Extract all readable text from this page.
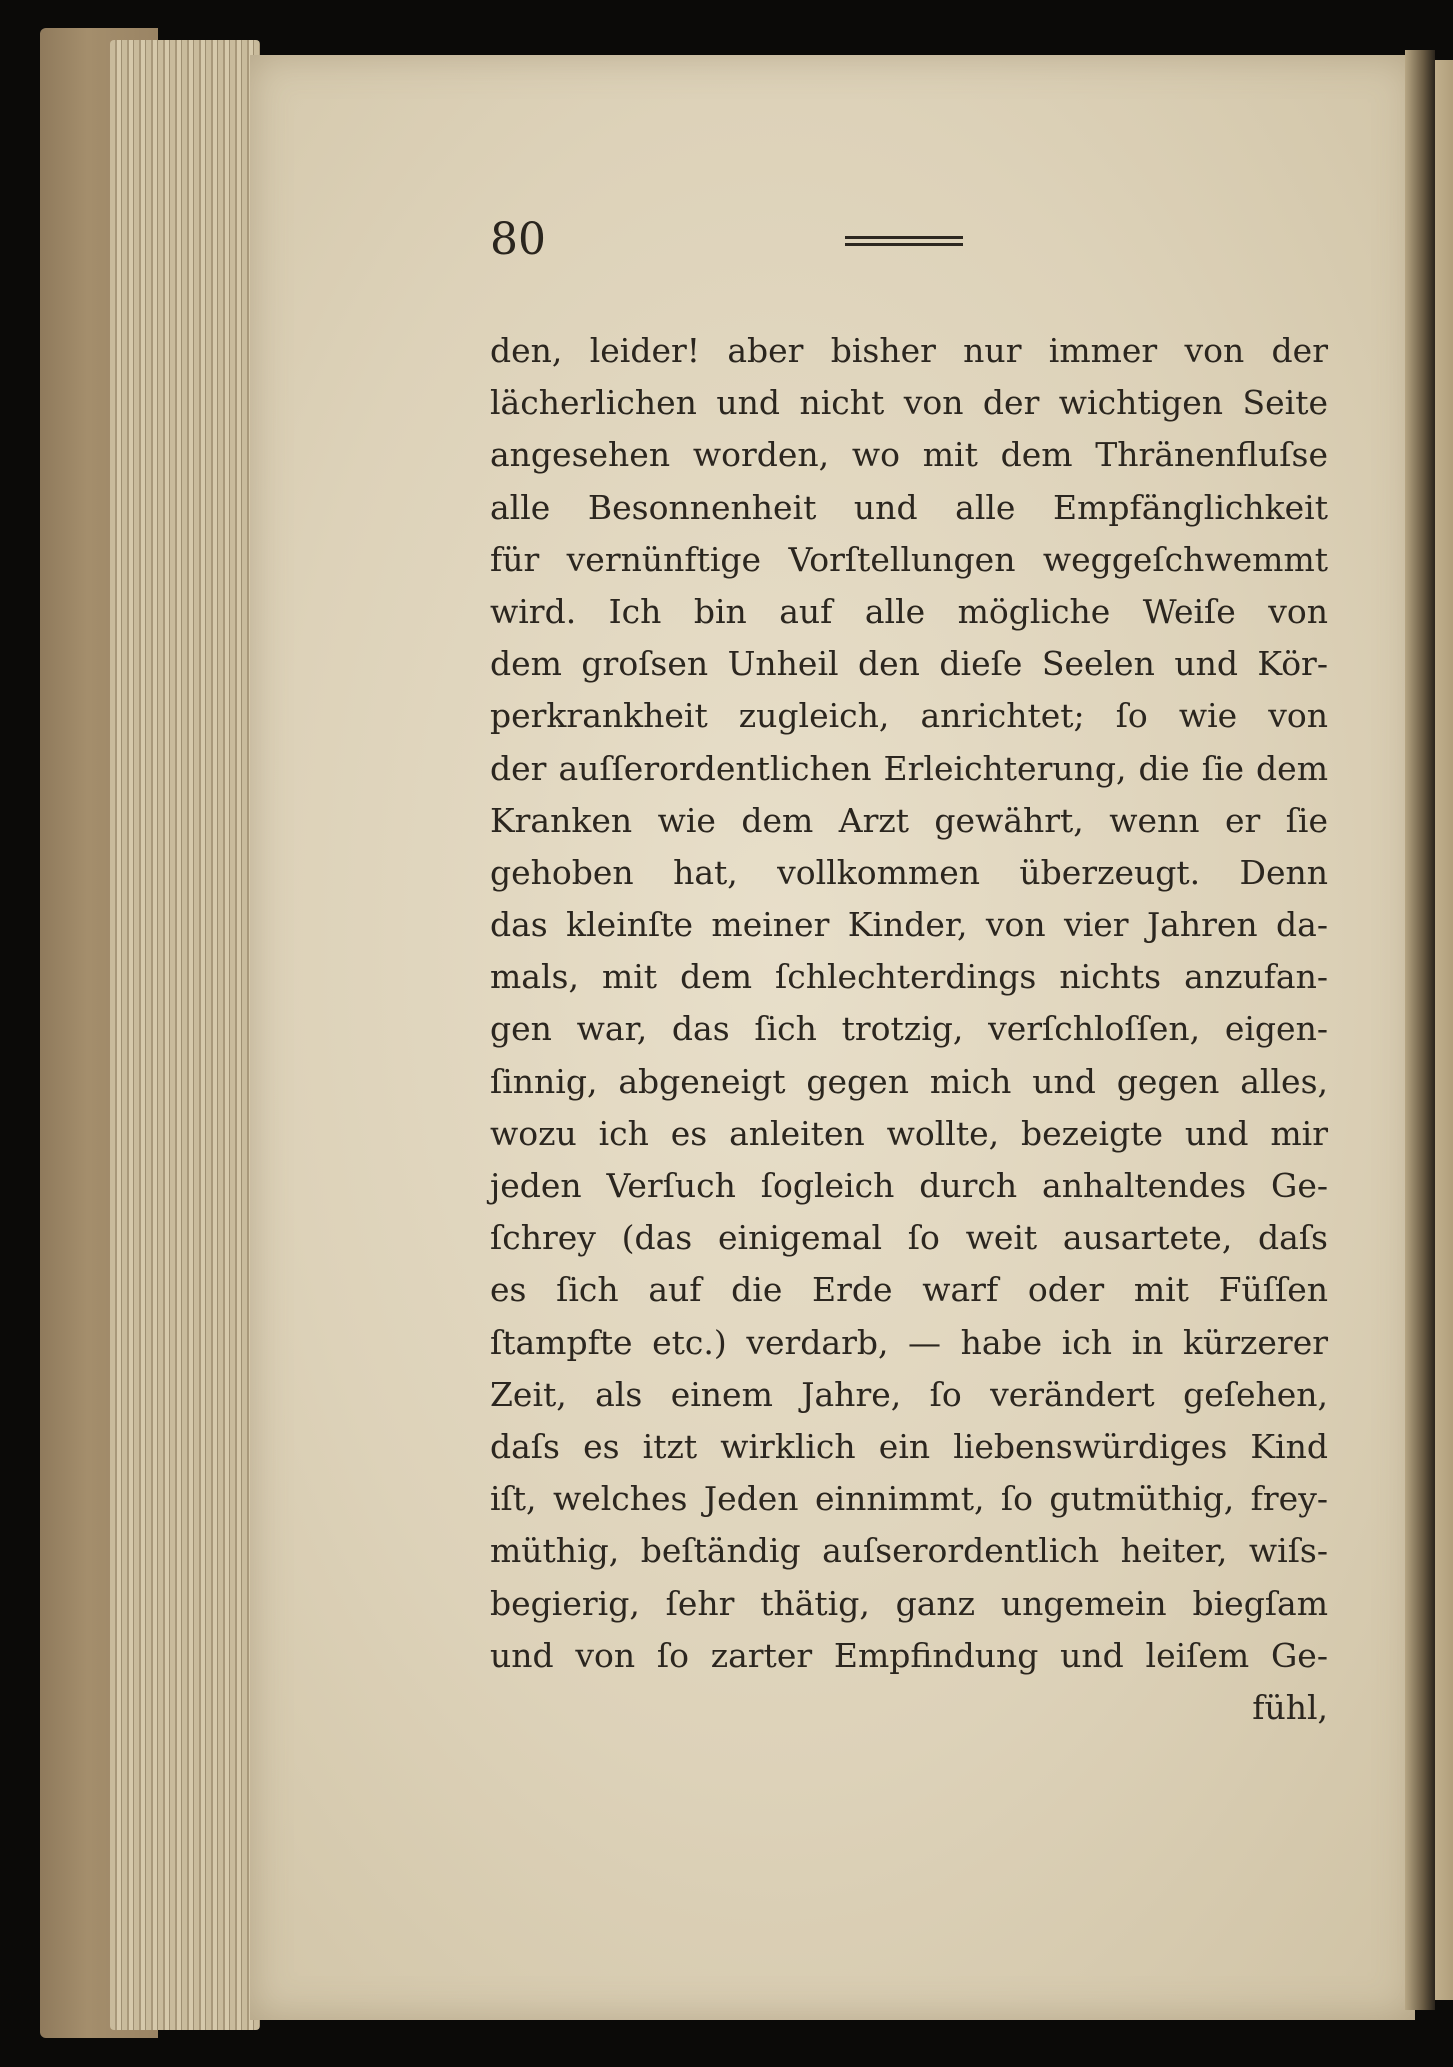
80
den, leider! aber bisher nur immer von der
lächerlichen und nicht von der wichtigen Seite
angesehen worden, wo mit dem Thränenfluſse
alle Besonnenheit und alle Empfänglichkeit
für vernünftige Vorſtellungen weggeſchwemmt
wird. Ich bin auf alle mögliche Weiſe von
dem groſsen Unheil den dieſe Seelen und Kör-
perkrankheit zugleich, anrichtet; ſo wie von
der auſſerordentlichen Erleichterung, die ſie dem
Kranken wie dem Arzt gewährt, wenn er ſie
gehoben hat, vollkommen überzeugt. Denn
das kleinſte meiner Kinder, von vier Jahren da-
mals, mit dem ſchlechterdings nichts anzufan-
gen war, das ſich trotzig, verſchloſſen, eigen-
ſinnig, abgeneigt gegen mich und gegen alles,
wozu ich es anleiten wollte, bezeigte und mir
jeden Verſuch ſogleich durch anhaltendes Ge-
ſchrey (das einigemal ſo weit ausartete, daſs
es ſich auf die Erde warf oder mit Füſſen
ſtampfte etc.) verdarb, — habe ich in kürzerer
Zeit, als einem Jahre, ſo verändert geſehen,
daſs es itzt wirklich ein liebenswürdiges Kind
iſt, welches Jeden einnimmt, ſo gutmüthig, frey-
müthig, beſtändig auſserordentlich heiter, wiſs-
begierig, ſehr thätig, ganz ungemein biegſam
und von ſo zarter Empfindung und leiſem Ge-
fühl,
